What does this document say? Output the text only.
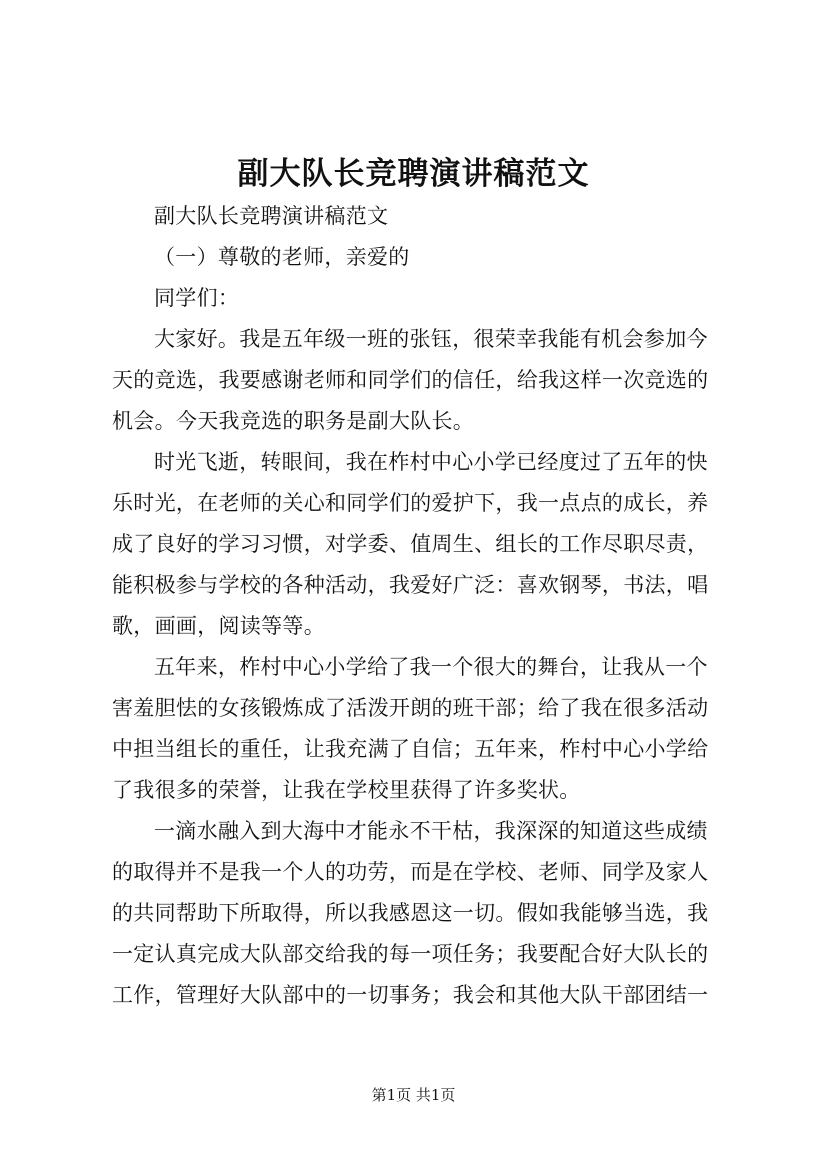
副大队长竞聘演讲稿范文
副大队长竞聘演讲稿范文
（一）尊敬的老师，亲爱的
同学们：
大家好。我是五年级一班的张钰，很荣幸我能有机会参加今
天的竞选，我要感谢老师和同学们的信任，给我这样一次竞选的
机会。今天我竞选的职务是副大队长。
时光飞逝，转眼间，我在柞村中心小学已经度过了五年的快
乐时光，在老师的关心和同学们的爱护下，我一点点的成长，养
成了良好的学习习惯，对学委、值周生、组长的工作尽职尽责，
能积极参与学校的各种活动，我爱好广泛：喜欢钢琴，书法，唱
歌，画画，阅读等等。
五年来，柞村中心小学给了我一个很大的舞台，让我从一个
害羞胆怯的女孩锻炼成了活泼开朗的班干部；给了我在很多活动
中担当组长的重任，让我充满了自信；五年来，柞村中心小学给
了我很多的荣誉，让我在学校里获得了许多奖状。
一滴水融入到大海中才能永不干枯，我深深的知道这些成绩
的取得并不是我一个人的功劳，而是在学校、老师、同学及家人
的共同帮助下所取得，所以我感恩这一切。假如我能够当选，我
一定认真完成大队部交给我的每一项任务；我要配合好大队长的
工作，管理好大队部中的一切事务；我会和其他大队干部团结一
第1页 共1页
